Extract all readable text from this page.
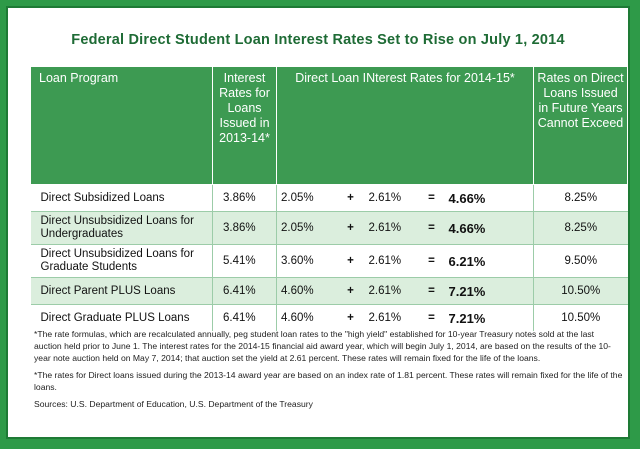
Federal Direct Student Loan Interest Rates Set to Rise on July 1, 2014
Loan Program	Interest Rates for Loans Issued in 2013-14*	Direct Loan INterest Rates for 2014-15*					Rates on Direct Loans Issued in Future Years Cannot Exceed
Direct Subsidized Loans	3.86%	2.05%	+	2.61%	=	4.66%	8.25%
Direct Unsubsidized Loans for Undergraduates	3.86%	2.05%	+	2.61%	=	4.66%	8.25%
Direct Unsubsidized Loans for Graduate Students	5.41%	3.60%	+	2.61%	=	6.21%	9.50%
Direct Parent PLUS Loans	6.41%	4.60%	+	2.61%	=	7.21%	10.50%
Direct Graduate PLUS Loans	6.41%	4.60%	+	2.61%	=	7.21%	10.50%

*The rate formulas, which are recalculated annually, peg student loan rates to the "high yield" established for 10-year Treasury notes sold at the last auction held prior to June 1. The interest rates for the 2014-15 financial aid award year, which will begin July 1, 2014, are based on the results of the 10-year note auction held on May 7, 2014; that auction set the yield at 2.61 percent. These rates will remain fixed for the life of the loans.

*The rates for Direct loans issued during the 2013-14 award year are based on an index rate of 1.81 percent. These rates will remain fixed for the life of the loans.

Sources: U.S. Department of Education, U.S. Department of the Treasury
